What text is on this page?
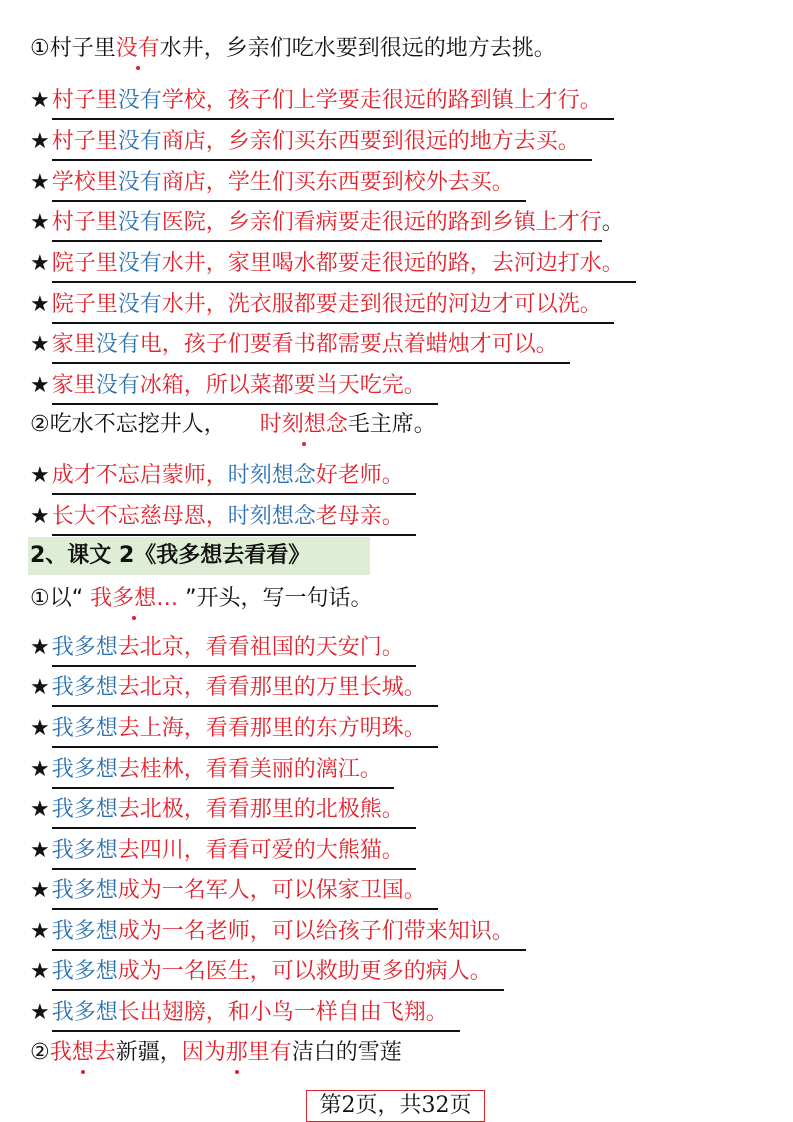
①村子里没有水井，乡亲们吃水要到很远的地方去挑。
★村子里没有学校，孩子们上学要走很远的路到镇上才行。
★村子里没有商店，乡亲们买东西要到很远的地方去买。
★学校里没有商店，学生们买东西要到校外去买。
★村子里没有医院，乡亲们看病要走很远的路到乡镇上才行。
★院子里没有水井，家里喝水都要走很远的路，去河边打水。
★院子里没有水井，洗衣服都要走到很远的河边才可以洗。
★家里没有电，孩子们要看书都需要点着蜡烛才可以。
★家里没有冰箱，所以菜都要当天吃完。
②吃水不忘挖井人， 时刻想念毛主席。
★成才不忘启蒙师，时刻想念好老师。
★长大不忘慈母恩，时刻想念老母亲。
2、课文 2《我多想去看看》
①以“ 我多想… ”开头，写一句话。
★我多想去北京，看看祖国的天安门。
★我多想去北京，看看那里的万里长城。
★我多想去上海，看看那里的东方明珠。
★我多想去桂林，看看美丽的漓江。
★我多想去北极，看看那里的北极熊。
★我多想去四川，看看可爱的大熊猫。
★我多想成为一名军人，可以保家卫国。
★我多想成为一名老师，可以给孩子们带来知识。
★我多想成为一名医生，可以救助更多的病人。
★我多想长出翅膀，和小鸟一样自由飞翔。
②我想去新疆，因为那里有洁白的雪莲
第2页，共32页
